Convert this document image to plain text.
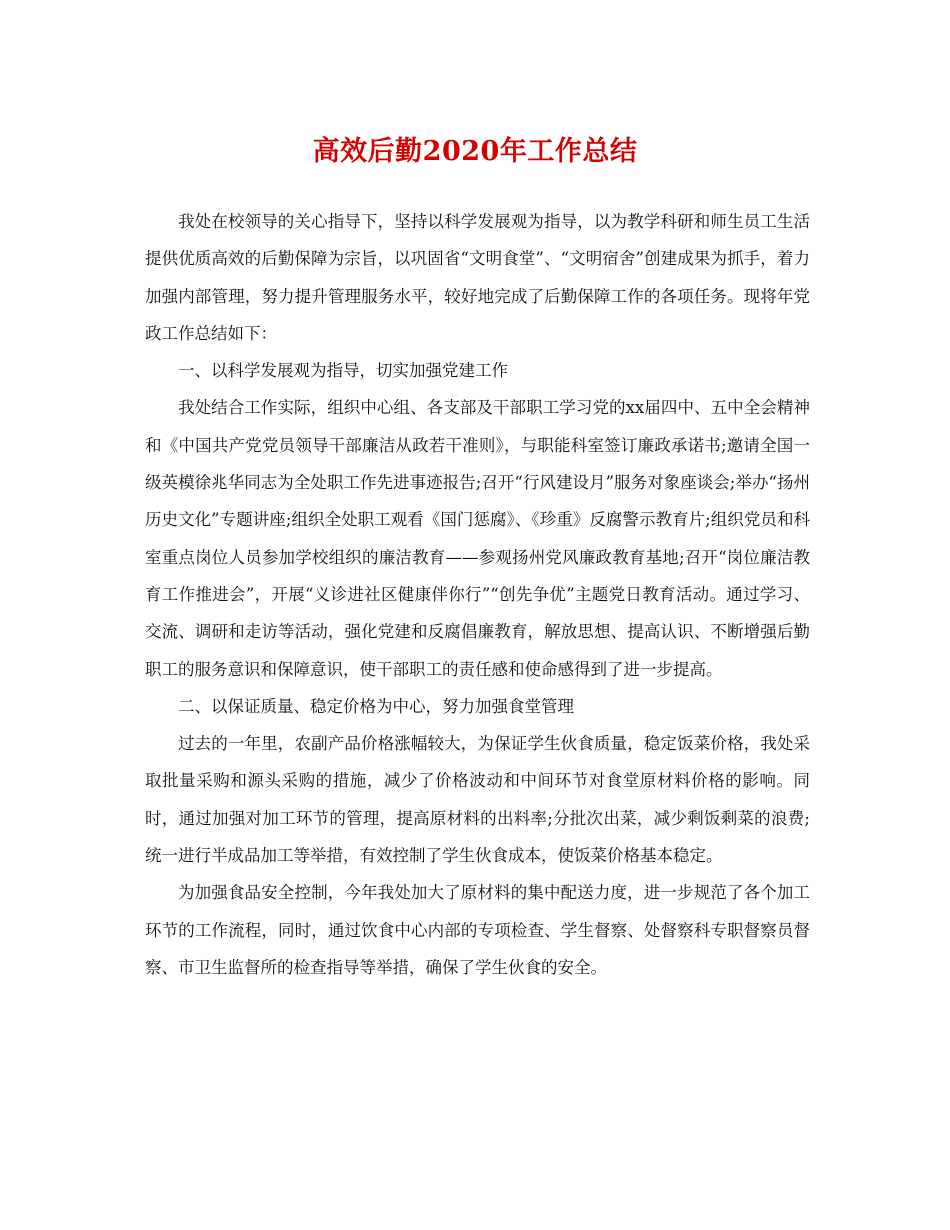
高效后勤2020年工作总结

我处在校领导的关心指导下，坚持以科学发展观为指导，以为教学科研和师生员工生活提供优质高效的后勤保障为宗旨，以巩固省“文明食堂”、“文明宿舍”创建成果为抓手，着力加强内部管理，努力提升管理服务水平，较好地完成了后勤保障工作的各项任务。现将年党政工作总结如下：

一、以科学发展观为指导，切实加强党建工作

我处结合工作实际，组织中心组、各支部及干部职工学习党的xx届四中、五中全会精神和《中国共产党党员领导干部廉洁从政若干准则》，与职能科室签订廉政承诺书;邀请全国一级英模徐兆华同志为全处职工作先进事迹报告;召开“行风建设月”服务对象座谈会;举办“扬州历史文化”专题讲座;组织全处职工观看《国门惩腐》、《珍重》反腐警示教育片;组织党员和科室重点岗位人员参加学校组织的廉洁教育——参观扬州党风廉政教育基地;召开“岗位廉洁教育工作推进会”，开展“义诊进社区健康伴你行”“创先争优”主题党日教育活动。通过学习、交流、调研和走访等活动，强化党建和反腐倡廉教育，解放思想、提高认识、不断增强后勤职工的服务意识和保障意识，使干部职工的责任感和使命感得到了进一步提高。

二、以保证质量、稳定价格为中心，努力加强食堂管理

过去的一年里，农副产品价格涨幅较大，为保证学生伙食质量，稳定饭菜价格，我处采取批量采购和源头采购的措施，减少了价格波动和中间环节对食堂原材料价格的影响。同时，通过加强对加工环节的管理，提高原材料的出料率;分批次出菜，减少剩饭剩菜的浪费;统一进行半成品加工等举措，有效控制了学生伙食成本，使饭菜价格基本稳定。

为加强食品安全控制，今年我处加大了原材料的集中配送力度，进一步规范了各个加工环节的工作流程，同时，通过饮食中心内部的专项检查、学生督察、处督察科专职督察员督察、市卫生监督所的检查指导等举措，确保了学生伙食的安全。
